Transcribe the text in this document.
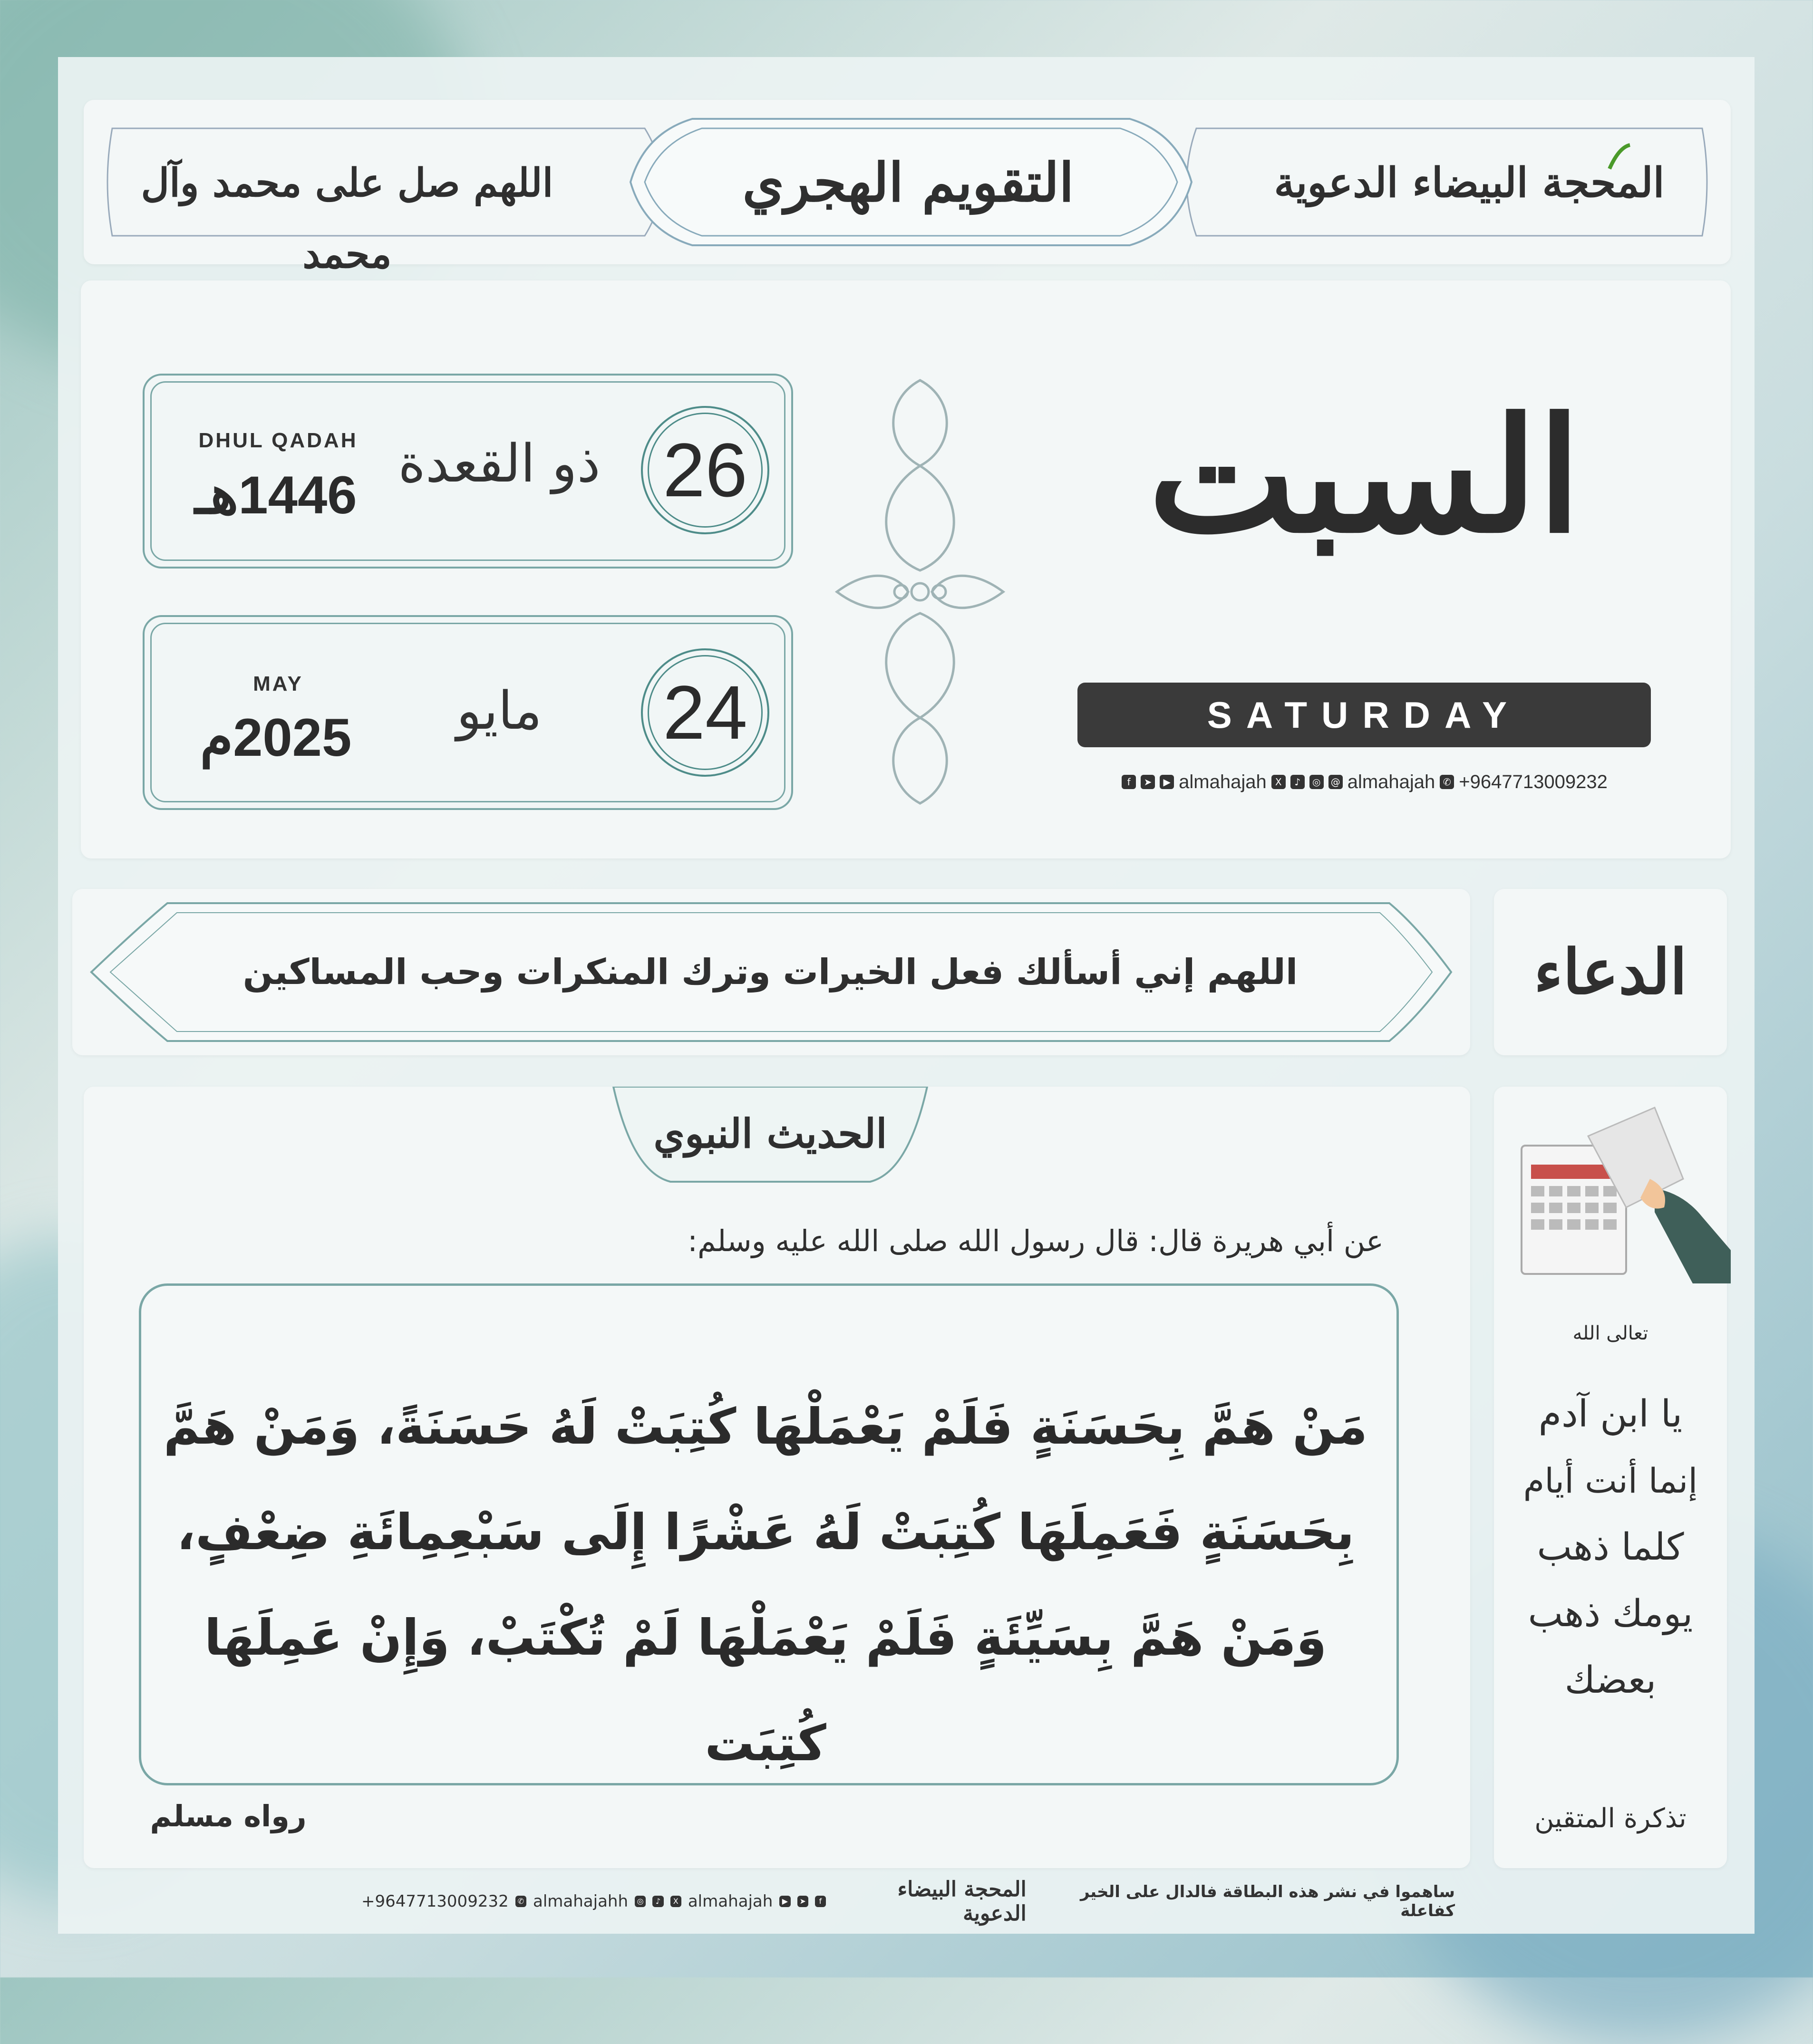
المحجة البيضاء الدعوية
التقويم الهجري
اللهم صل على محمد وآل محمد
السبت
SATURDAY
f	➤	▶ almahajah X	♪	◎	@ almahajah ✆ +9647713009232
26
ذو القعدة
DHUL QADAH
1446هـ
24
مايو
MAY
2025م
الدعاء
اللهم إني أسألك فعل الخيرات وترك المنكرات وحب المساكين
الحديث النبوي
عن أبي هريرة قال: قال رسول الله صلى الله عليه وسلم:
مَنْ هَمَّ بِحَسَنَةٍ فَلَمْ يَعْمَلْهَا كُتِبَتْ لَهُ حَسَنَةً، وَمَنْ هَمَّ بِحَسَنَةٍ فَعَمِلَهَا كُتِبَتْ لَهُ عَشْرًا إِلَى سَبْعِمِائَةِ ضِعْفٍ، وَمَنْ هَمَّ بِسَيِّئَةٍ فَلَمْ يَعْمَلْهَا لَمْ تُكْتَبْ، وَإِنْ عَمِلَهَا كُتِبَت
رواه مسلم
تعالى الله
يا ابن آدم
إنما أنت أيام
كلما ذهب
يومك ذهب
بعضك
تذكرة المتقين
+9647713009232	✆ almahajahh ◎	♪	X almahajah	▶	➤	f	المحجة البيضاء الدعوية
ساهموا في نشر هذه البطاقة فالدال على الخير كفاعلة
